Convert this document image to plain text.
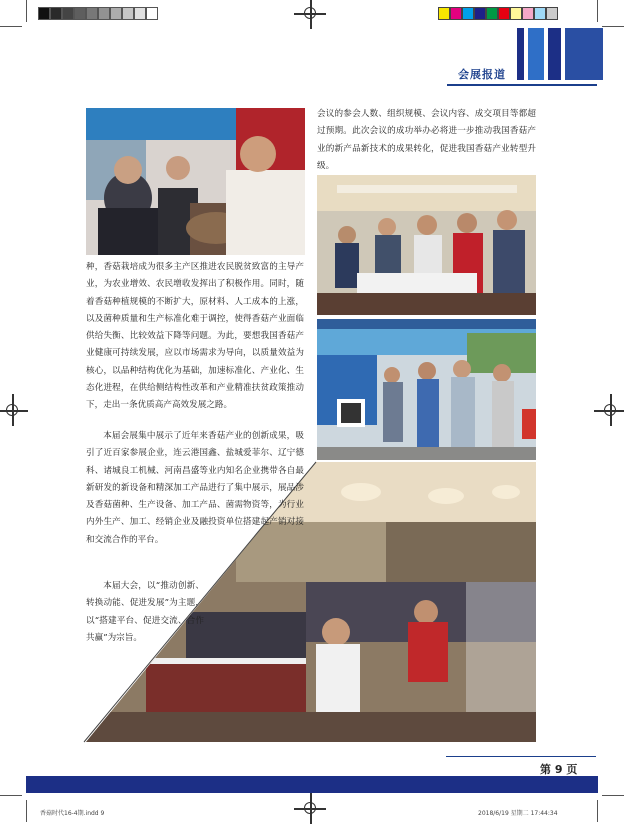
会展报道
种，香菇栽培成为很多主产区推进农民脱贫致富的主导产业，为农业增效、农民增收发挥出了积极作用。同时，随着香菇种植规模的不断扩大，原材料、人工成本的上涨，以及菌种质量和生产标准化难于调控，使得香菇产业面临供给失衡、比较效益下降等问题。为此，要想我国香菇产业健康可持续发展，应以市场需求为导向，以质量效益为核心，以品种结构优化为基础，加速标准化、产业化、生态化进程，在供给侧结构性改革和产业精准扶贫政策推动下，走出一条优质高产高效发展之路。
本届会展集中展示了近年来香菇产业的创新成果，吸引了近百家参展企业，连云港国鑫、盐城爱菲尔、辽宁德科、诸城良工机械、河南昌盛等业内知名企业携带各自最新研发的新设备和精深加工产品进行了集中展示，展品涉及香菇菌种、生产设备、加工产品、菌需物资等，为行业内外生产、加工、经销企业及融投资单位搭建起产销对接和交流合作的平台。
本届大会，以“推动创新、转换动能、促进发展”为主题，以“搭建平台、促进交流、合作共赢”为宗旨。
会议的参会人数、组织规模、会议内容、成交项目等都超过预期。此次会议的成功举办必将进一步推动我国香菇产业的新产品新技术的成果转化，促进我国香菇产业转型升级。
第 9 页
香菇时代16-4期.indd 9	2018/6/19 星期二 17:44:34
